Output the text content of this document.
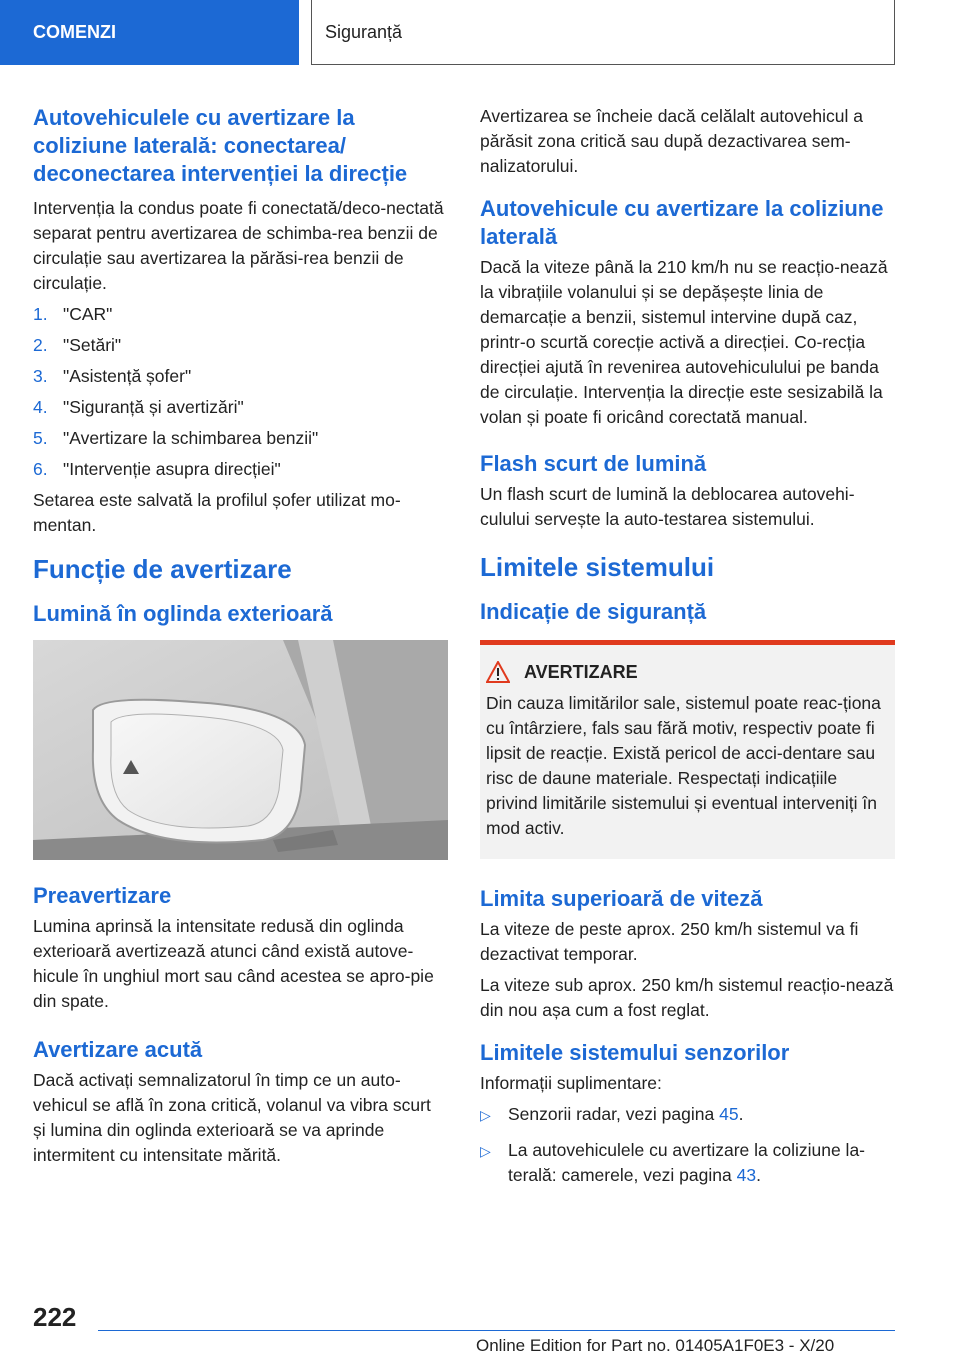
COMENZI	Siguranță
Autovehiculele cu avertizare la coliziune laterală: conectarea/ deconectarea intervenției la direcție

Intervenția la condus poate fi conectată/deco‐nectată separat pentru avertizarea de schimba‐rea benzii de circulație sau avertizarea la părăsi‐rea benzii de circulație.

1. "CAR"
2. "Setări"
3. "Asistență șofer"
4. "Siguranță și avertizări"
5. "Avertizare la schimbarea benzii"
6. "Intervenție asupra direcției"

Setarea este salvată la profilul șofer utilizat mo‐mentan.

Funcție de avertizare
Lumină în oglinda exterioară
Preavertizare

Lumina aprinsă la intensitate redusă din oglinda exterioară avertizează atunci când există autove‐hicule în unghiul mort sau când acestea se apro‐pie din spate.

Avertizare acută

Dacă activați semnalizatorul în timp ce un auto‐vehicul se află în zona critică, volanul va vibra scurt și lumina din oglinda exterioară se va aprinde intermitent cu intensitate mărită.

Avertizarea se încheie dacă celălalt autovehicul a părăsit zona critică sau după dezactivarea sem‐nalizatorului.

Autovehicule cu avertizare la coliziune laterală

Dacă la viteze până la 210 km/h nu se reacțio‐nează la vibrațiile volanului și se depășește linia de demarcație a benzii, sistemul intervine după caz, printr‐o scurtă corecție activă a direcției. Co‐recția direcției ajută în revenirea autovehiculului pe banda de circulație. Intervenția la direcție este sesizabilă la volan și poate fi oricând corectată manual.

Flash scurt de lumină

Un flash scurt de lumină la deblocarea autovehi‐culului servește la auto‐testarea sistemului.

Limitele sistemului
Indicație de siguranță
AVERTIZARE

Din cauza limitărilor sale, sistemul poate reac‐ționa cu întârziere, fals sau fără motiv, respectiv poate fi lipsit de reacție. Există pericol de acci‐dentare sau risc de daune materiale. Respectați indicațiile privind limitările sistemului și eventual interveniți în mod activ.

Limita superioară de viteză

La viteze de peste aprox. 250 km/h sistemul va fi dezactivat temporar.

La viteze sub aprox. 250 km/h sistemul reacțio‐nează din nou așa cum a fost reglat.

Limitele sistemului senzorilor

Informații suplimentare:

▷ Senzorii radar, vezi pagina 45.
▷ La autovehiculele cu avertizare la coliziune la‐terală: camerele, vezi pagina 43.
222
Online Edition for Part no. 01405A1F0E3 - X/20
